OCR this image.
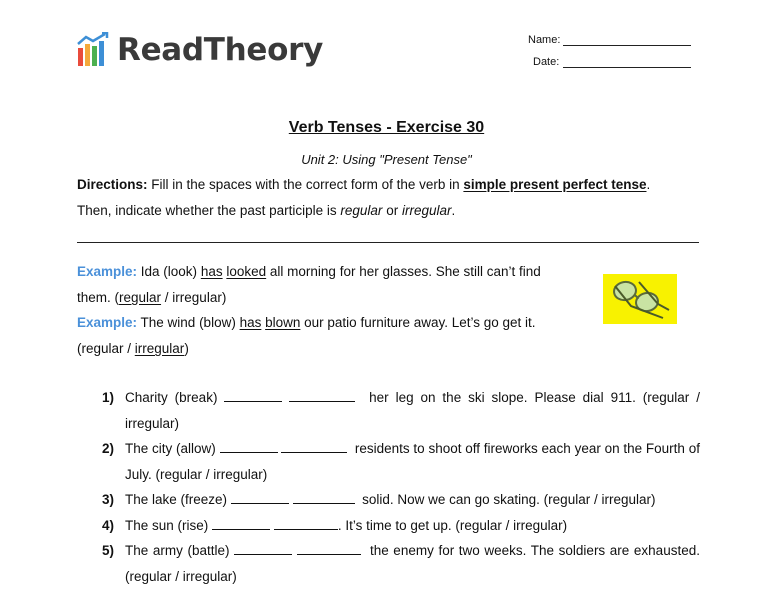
ReadTheory	Name:
Date:
Verb Tenses - Exercise 30
Unit 2: Using "Present Tense"
Directions: Fill in the spaces with the correct form of the verb in simple present perfect tense.
Then, indicate whether the past participle is regular or irregular.
Example: Ida (look) has looked all morning for her glasses. She still can’t find
them. (regular / irregular)
Example: The wind (blow) has blown our patio furniture away. Let’s go get it.
(regular / irregular)
1) Charity (break)	her leg on the ski slope. Please dial 911. (regular / irregular)
2) The city (allow)	residents to shoot off fireworks each year on the Fourth of July. (regular / irregular)
3) The lake (freeze)	solid. Now we can go skating. (regular / irregular)
4) The sun (rise)	. It’s time to get up. (regular / irregular)
5) The army (battle)	the enemy for two weeks. The soldiers are exhausted. (regular / irregular)
